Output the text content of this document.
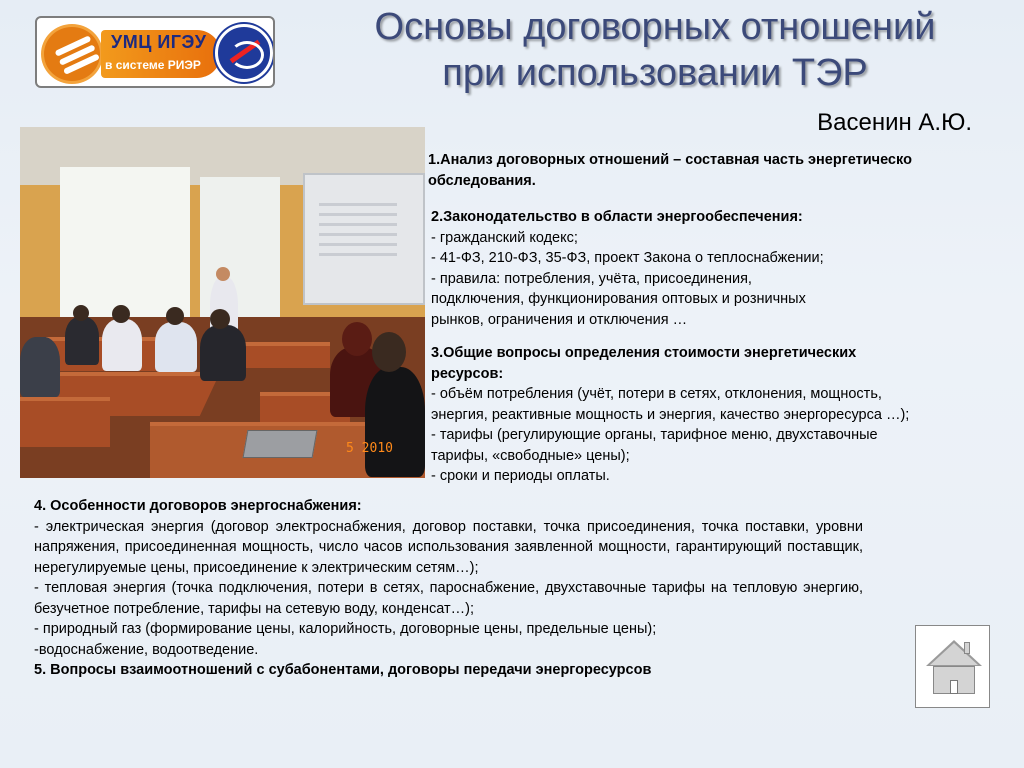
УМЦ ИГЭУ
в системе РИЭР
Основы договорных отношений
при использовании ТЭР
Васенин А.Ю.
5 2010
1.Анализ договорных отношений – составная часть энергетическо
обследования.
2.Законодательство в области энергообеспечения:
- гражданский кодекс;
- 41-ФЗ, 210-ФЗ, 35-ФЗ, проект Закона о теплоснабжении;
- правила: потребления, учёта, присоединения,
подключения, функционирования оптовых и розничных
рынков, ограничения и отключения …
3.Общие вопросы определения стоимости энергетических
ресурсов:
- объём потребления (учёт, потери в сетях, отклонения, мощность,
энергия, реактивные мощность и энергия, качество энергоресурса …);
- тарифы (регулирующие органы, тарифное меню, двухставочные
тарифы, «свободные» цены);
- сроки и периоды оплаты.
4. Особенности договоров энергоснабжения:
- электрическая энергия (договор электроснабжения, договор поставки, точка присоединения, точка поставки, уровни напряжения, присоединенная мощность, число часов использования заявленной мощности, гарантирующий поставщик, нерегулируемые цены, присоединение к электрическим сетям…);
- тепловая энергия (точка подключения, потери в сетях, пароснабжение, двухставочные тарифы на тепловую энергию, безучетное потребление, тарифы на сетевую воду, конденсат…);
- природный газ (формирование цены, калорийность, договорные цены, предельные цены);
-водоснабжение, водоотведение.
5. Вопросы взаимоотношений с субабонентами, договоры передачи энергоресурсов
